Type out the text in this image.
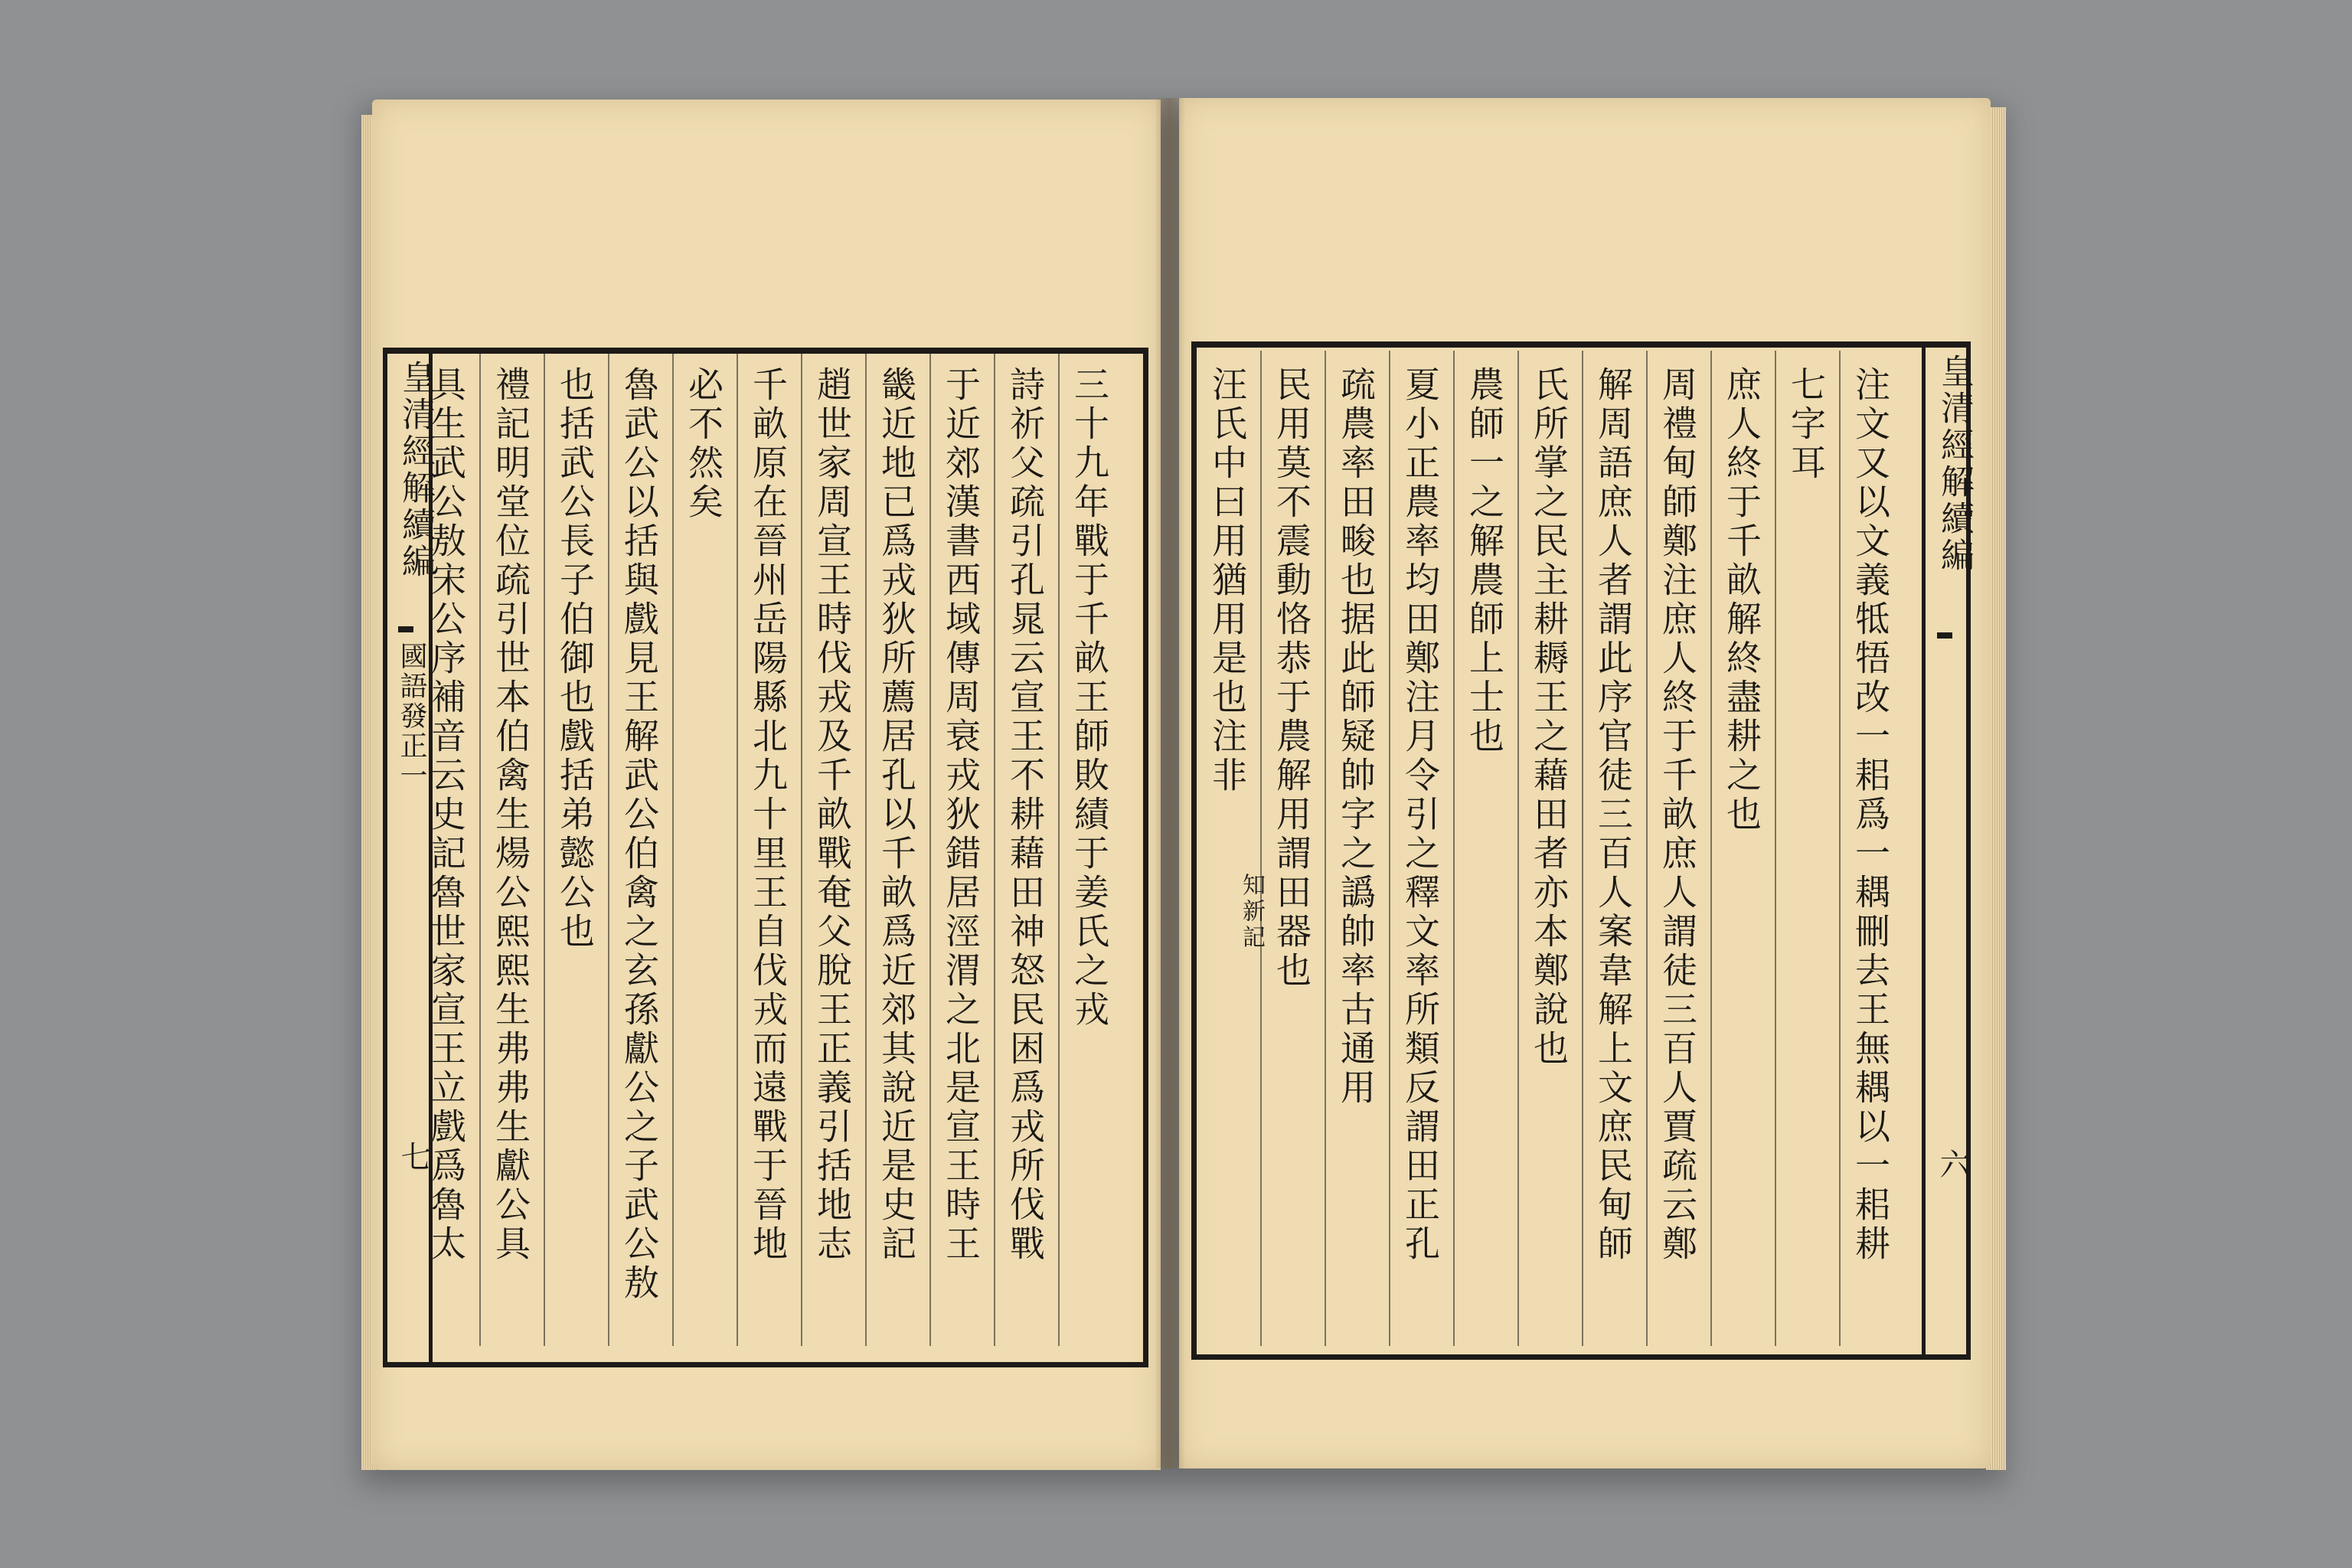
皇清經解續編
國語發正一
七
三十九年戰于千畝王師敗績于姜氏之戎
詩祈父疏引孔晁云宣王不耕藉田神怒民困爲戎所伐戰
于近郊漢書西域傳周衰戎狄錯居涇渭之北是宣王時王
畿近地已爲戎狄所薦居孔以千畝爲近郊其說近是史記
趙世家周宣王時伐戎及千畝戰奄父脫王正義引括地志
千畝原在晉州岳陽縣北九十里王自伐戎而遠戰于晉地
必不然矣
魯武公以括與戲見王解武公伯禽之玄孫獻公之子武公敖
也括武公長子伯御也戲括弟懿公也
禮記明堂位疏引世本伯禽生煬公熙熙生弗弗生獻公具
具生武公敖宋公序補音云史記魯世家宣王立戲爲魯太	皇清經解續編
六
注文又以文義牴牾改一耜爲一耦刪去王無耦以一耜耕
七字耳
庶人終于千畝解終盡耕之也
周禮甸師鄭注庶人終于千畝庶人謂徒三百人賈疏云鄭
解周語庶人者謂此序官徒三百人案韋解上文庶民甸師
氏所掌之民主耕耨王之藉田者亦本鄭說也
農師一之解農師上士也
夏小正農率均田鄭注月令引之釋文率所類反謂田正孔
疏農率田畯也据此師疑帥字之譌帥率古通用
民用莫不震動恪恭于農解用謂田器也
汪氏中曰用猶用是也注非
知新記
